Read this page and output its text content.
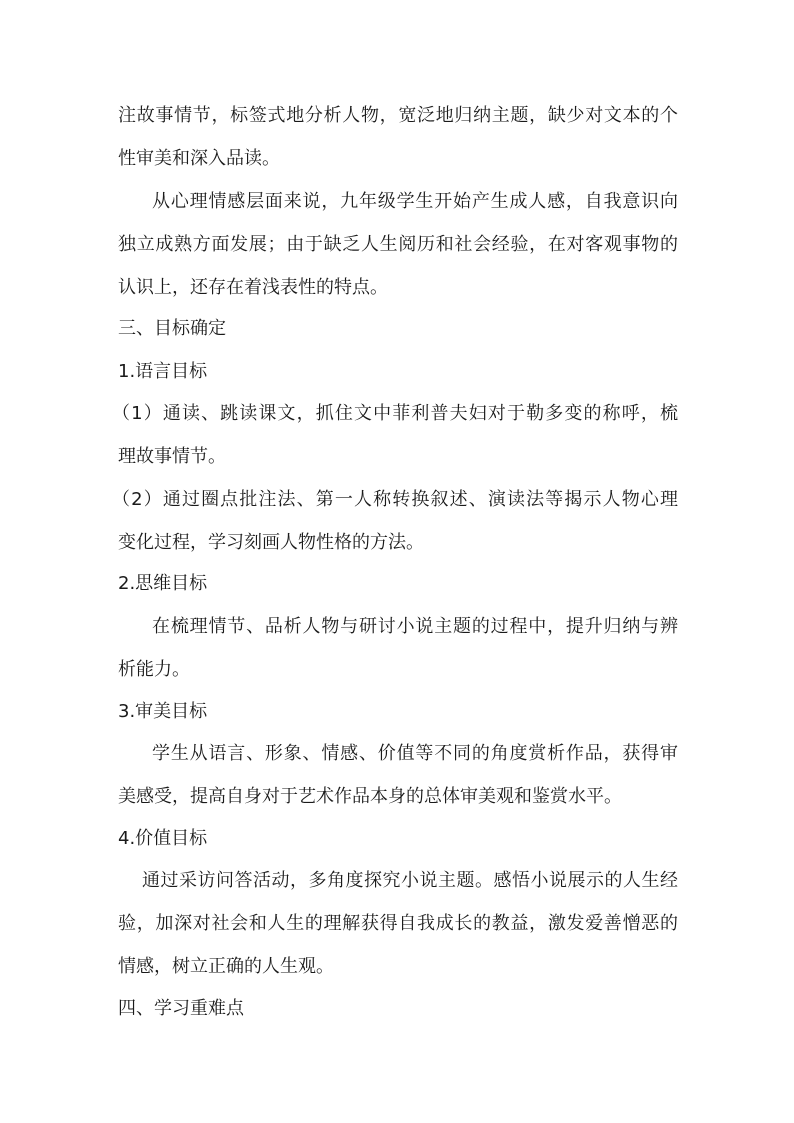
注故事情节，标签式地分析人物，宽泛地归纳主题，缺少对文本的个
性审美和深入品读。
从心理情感层面来说，九年级学生开始产生成人感，自我意识向
独立成熟方面发展；由于缺乏人生阅历和社会经验，在对客观事物的
认识上，还存在着浅表性的特点。
三、目标确定
1.语言目标
（1）通读、跳读课文，抓住文中菲利普夫妇对于勒多变的称呼，梳
理故事情节。
（2）通过圈点批注法、第一人称转换叙述、演读法等揭示人物心理
变化过程，学习刻画人物性格的方法。
2.思维目标
在梳理情节、品析人物与研讨小说主题的过程中，提升归纳与辨
析能力。
3.审美目标
学生从语言、形象、情感、价值等不同的角度赏析作品，获得审
美感受，提高自身对于艺术作品本身的总体审美观和鉴赏水平。
4.价值目标
通过采访问答活动，多角度探究小说主题。感悟小说展示的人生经
验，加深对社会和人生的理解获得自我成长的教益，激发爱善憎恶的
情感，树立正确的人生观。
四、学习重难点
